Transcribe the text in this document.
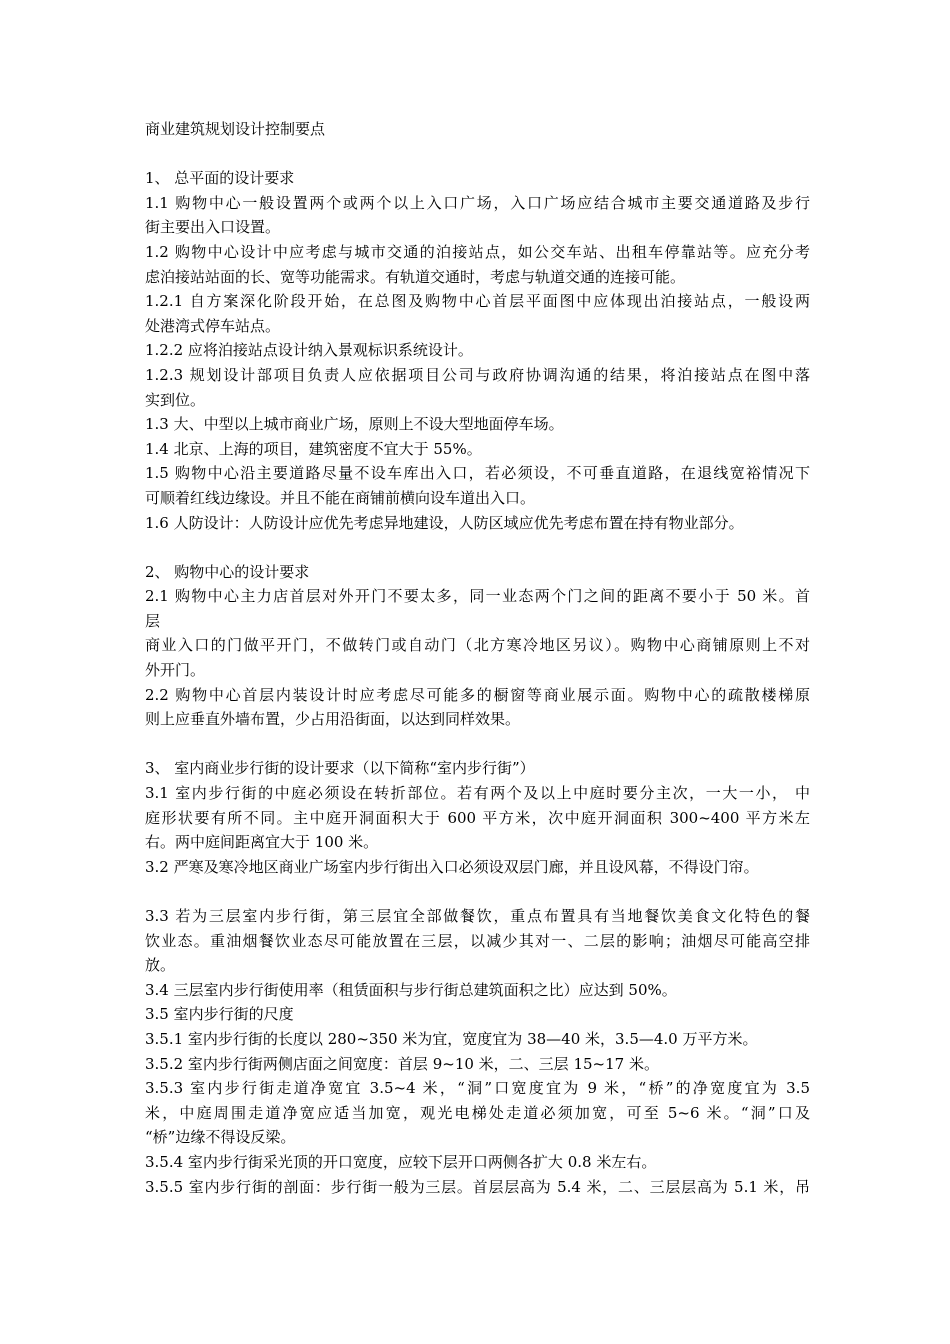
商业建筑规划设计控制要点
1、 总平面的设计要求
1.1 购物中心一般设置两个或两个以上入口广场，入口广场应结合城市主要交通道路及步行
街主要出入口设置。
1.2 购物中心设计中应考虑与城市交通的泊接站点，如公交车站、出租车停靠站等。应充分考
虑泊接站站面的长、宽等功能需求。有轨道交通时，考虑与轨道交通的连接可能。
1.2.1 自方案深化阶段开始，在总图及购物中心首层平面图中应体现出泊接站点，一般设两
处港湾式停车站点。
1.2.2 应将泊接站点设计纳入景观标识系统设计。
1.2.3 规划设计部项目负责人应依据项目公司与政府协调沟通的结果，将泊接站点在图中落
实到位。
1.3 大、中型以上城市商业广场，原则上不设大型地面停车场。
1.4 北京、上海的项目，建筑密度不宜大于 55%。
1.5 购物中心沿主要道路尽量不设车库出入口，若必须设，不可垂直道路，在退线宽裕情况下
可顺着红线边缘设。并且不能在商铺前横向设车道出入口。
1.6 人防设计：人防设计应优先考虑异地建设，人防区域应优先考虑布置在持有物业部分。
2、 购物中心的设计要求
2.1 购物中心主力店首层对外开门不要太多，同一业态两个门之间的距离不要小于 50 米。首
层
商业入口的门做平开门，不做转门或自动门（北方寒冷地区另议）。购物中心商铺原则上不对
外开门。
2.2 购物中心首层内装设计时应考虑尽可能多的橱窗等商业展示面。购物中心的疏散楼梯原
则上应垂直外墙布置，少占用沿街面，以达到同样效果。
3、 室内商业步行街的设计要求（以下简称“室内步行街”）
3.1 室内步行街的中庭必须设在转折部位。若有两个及以上中庭时要分主次，一大一小， 中
庭形状要有所不同。主中庭开洞面积大于 600 平方米，次中庭开洞面积 300~400 平方米左
右。两中庭间距离宜大于 100 米。
3.2 严寒及寒冷地区商业广场室内步行街出入口必须设双层门廊，并且设风幕，不得设门帘。
3.3 若为三层室内步行街，第三层宜全部做餐饮，重点布置具有当地餐饮美食文化特色的餐
饮业态。重油烟餐饮业态尽可能放置在三层，以减少其对一、二层的影响；油烟尽可能高空排
放。
3.4 三层室内步行街使用率（租赁面积与步行街总建筑面积之比）应达到 50%。
3.5 室内步行街的尺度
3.5.1 室内步行街的长度以 280~350 米为宜，宽度宜为 38—40 米，3.5—4.0 万平方米。
3.5.2 室内步行街两侧店面之间宽度：首层 9~10 米，二、三层 15~17 米。
3.5.3 室内步行街走道净宽宜 3.5~4 米，“洞”口宽度宜为 9 米，“桥”的净宽度宜为 3.5
米，中庭周围走道净宽应适当加宽，观光电梯处走道必须加宽，可至 5~6 米。“洞”口及
“桥”边缘不得设反梁。
3.5.4 室内步行街采光顶的开口宽度，应较下层开口两侧各扩大 0.8 米左右。
3.5.5 室内步行街的剖面：步行街一般为三层。首层层高为 5.4 米，二、三层层高为 5.1 米，吊
